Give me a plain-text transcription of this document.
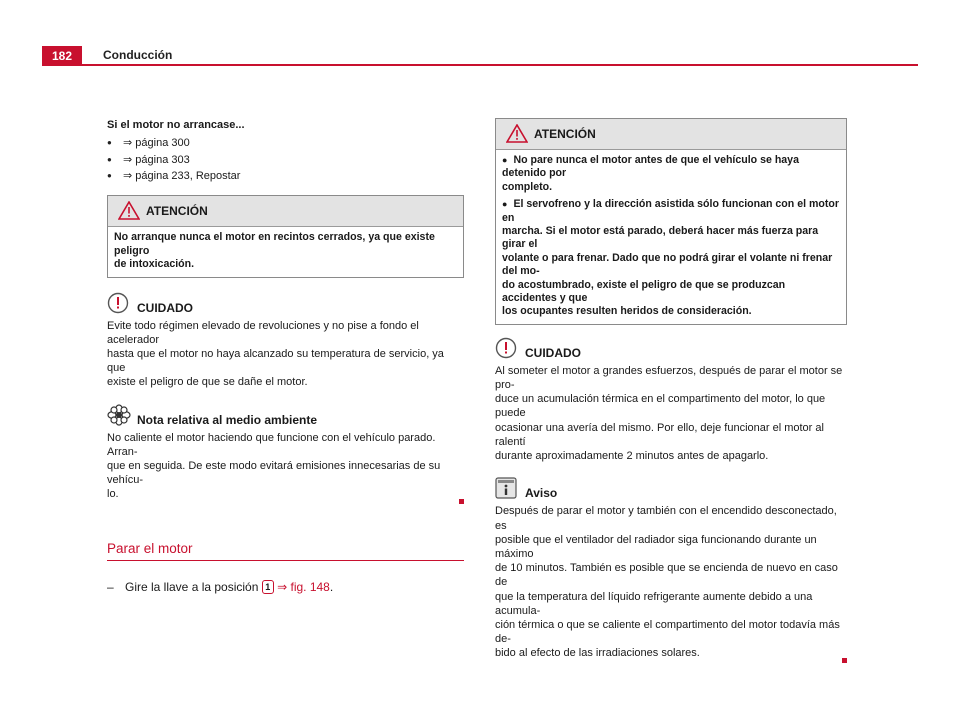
182	Conducción
Si el motor no arrancase...
● ⇒ página 300
● ⇒ página 303
● ⇒ página 233, Repostar
ATENCIÓN
No arranque nunca el motor en recintos cerrados, ya que existe peligro
de intoxicación.
CUIDADO
Evite todo régimen elevado de revoluciones y no pise a fondo el acelerador
hasta que el motor no haya alcanzado su temperatura de servicio, ya que
existe el peligro de que se dañe el motor.
Nota relativa al medio ambiente
No caliente el motor haciendo que funcione con el vehículo parado. Arran-
que en seguida. De este modo evitará emisiones innecesarias de su vehícu-
lo.
Parar el motor
– Gire la llave a la posición 1 ⇒ fig. 148.
ATENCIÓN
● No pare nunca el motor antes de que el vehículo se haya detenido por
completo.
● El servofreno y la dirección asistida sólo funcionan con el motor en
marcha. Si el motor está parado, deberá hacer más fuerza para girar el
volante o para frenar. Dado que no podrá girar el volante ni frenar del mo-
do acostumbrado, existe el peligro de que se produzcan accidentes y que
los ocupantes resulten heridos de consideración.
CUIDADO
Al someter el motor a grandes esfuerzos, después de parar el motor se pro-
duce un acumulación térmica en el compartimento del motor, lo que puede
ocasionar una avería del mismo. Por ello, deje funcionar el motor al ralentí
durante aproximadamente 2 minutos antes de apagarlo.
Aviso
Después de parar el motor y también con el encendido desconectado, es
posible que el ventilador del radiador siga funcionando durante un máximo
de 10 minutos. También es posible que se encienda de nuevo en caso de
que la temperatura del líquido refrigerante aumente debido a una acumula-
ción térmica o que se caliente el compartimento del motor todavía más de-
bido al efecto de las irradiaciones solares.
